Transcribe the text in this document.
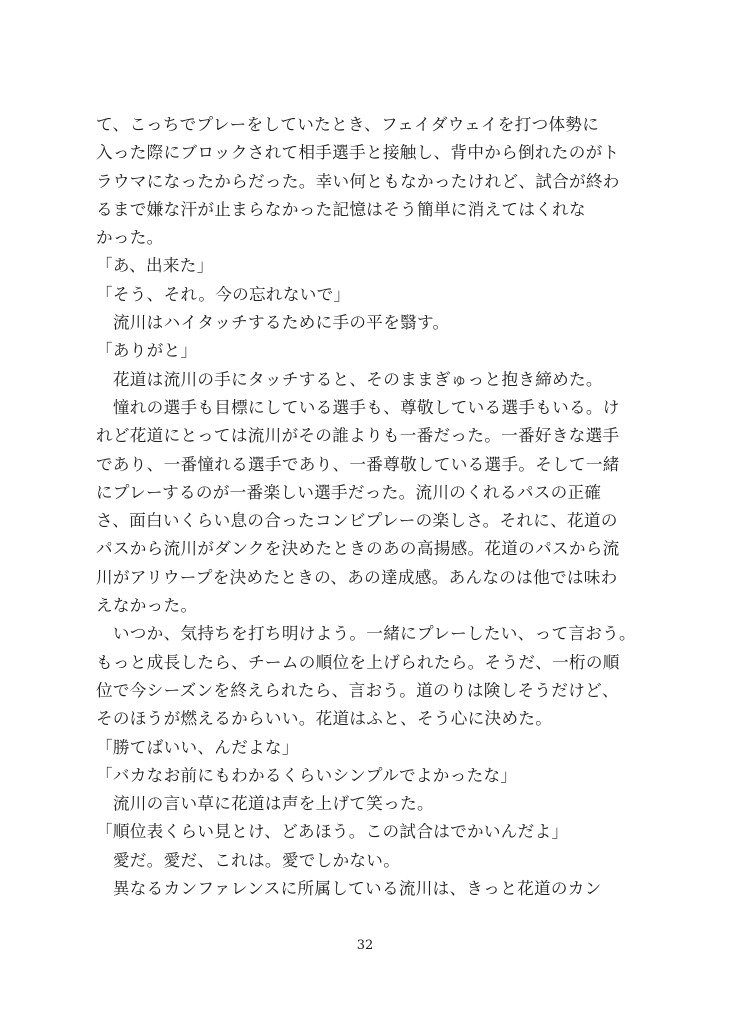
て、こっちでプレーをしていたとき、フェイダウェイを打つ体勢に
入った際にブロックされて相手選手と接触し、背中から倒れたのがト
ラウマになったからだった。幸い何ともなかったけれど、試合が終わ
るまで嫌な汗が止まらなかった記憶はそう簡単に消えてはくれな
かった。
「あ、出来た」
「そう、それ。今の忘れないで」
　流川はハイタッチするために手の平を翳す。
「ありがと」
　花道は流川の手にタッチすると、そのままぎゅっと抱き締めた。
　憧れの選手も目標にしている選手も、尊敬している選手もいる。け
れど花道にとっては流川がその誰よりも一番だった。一番好きな選手
であり、一番憧れる選手であり、一番尊敬している選手。そして一緒
にプレーするのが一番楽しい選手だった。流川のくれるパスの正確
さ、面白いくらい息の合ったコンビプレーの楽しさ。それに、花道の
パスから流川がダンクを決めたときのあの高揚感。花道のパスから流
川がアリウープを決めたときの、あの達成感。あんなのは他では味わ
えなかった。
　いつか、気持ちを打ち明けよう。一緒にプレーしたい、って言おう。
もっと成長したら、チームの順位を上げられたら。そうだ、一桁の順
位で今シーズンを終えられたら、言おう。道のりは険しそうだけど、
そのほうが燃えるからいい。花道はふと、そう心に決めた。
「勝てばいい、んだよな」
「バカなお前にもわかるくらいシンプルでよかったな」
　流川の言い草に花道は声を上げて笑った。
「順位表くらい見とけ、どあほう。この試合はでかいんだよ」
　愛だ。愛だ、これは。愛でしかない。
　異なるカンファレンスに所属している流川は、きっと花道のカン
32
